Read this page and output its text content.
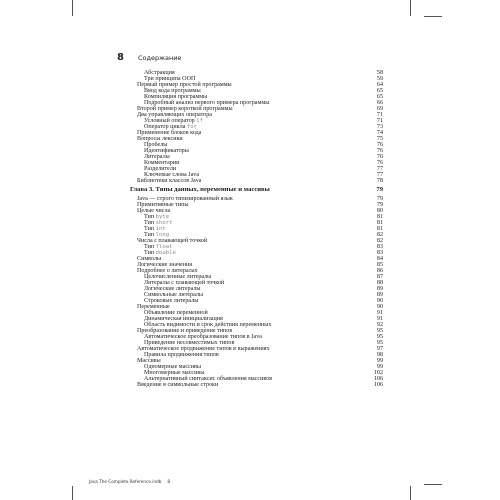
8 Содержание
Абстракция	58
Три принципа ООП	59
Первый пример простой программы	64
Ввод кода программы	65
Компиляция программы	65
Подробный анализ первого примера программы	66
Второй пример короткой программы	69
Два управляющих оператора	71
Условный оператор if	71
Оператор цикла for	73
Применение блоков кода	74
Вопросы лексики	75
Пробелы	76
Идентификаторы	76
Литералы	76
Комментарии	76
Разделители	77
Ключевые слова Java	77
Библиотеки классов Java	78
Глава 3. Типы данных, переменные и массивы	79
Java — строго типизированный язык	79
Примитивные типы	79
Целые числа	80
Тип byte	81
Тип short	81
Тип int	81
Тип long	82
Числа с плавающей точкой	82
Тип float	83
Тип double	83
Символы	84
Логические значения	85
Подробнее о литералах	86
Целочисленные литералы	87
Литералы с плавающей точкой	88
Логические литералы	89
Символьные литералы	89
Строковые литералы	90
Переменные	90
Объявление переменной	91
Динамическая инициализация	91
Область видимости и срок действия переменных	92
Преобразование и приведение типов	95
Автоматическое преобразование типов в Java	95
Приведение несовместимых типов	95
Автоматическое продвижение типов в выражениях	97
Правила продвижения типов	98
Массивы	99
Одномерные массивы	99
Многомерные массивы	102
Альтернативный синтаксис объявления массивов	106
Введение в символьные строки	106
Java The Complete Reference.indb 8
